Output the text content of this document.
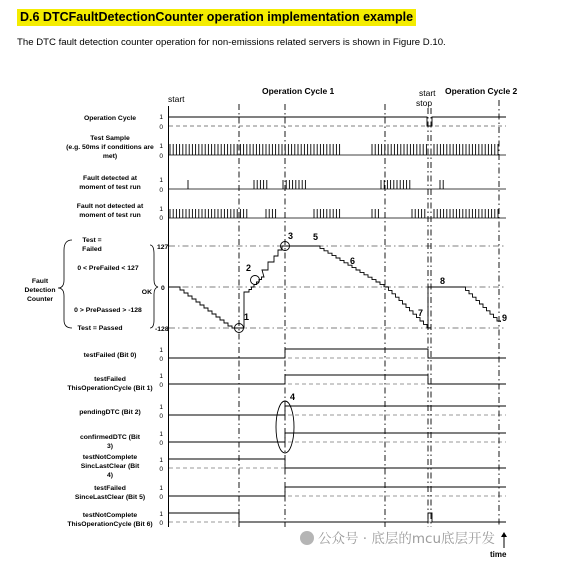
D.6 DTCFaultDetectionCounter operation implementation example

The DTC fault detection counter operation for non-emissions related servers is shown in Figure D.10.

start
Operation Cycle 1	start
stop
Operation Cycle 2
Operation Cycle	1
0
Test Sample
(e.g. 50ms if conditions are
met)
1
0
Fault detected at
moment of test run
1
0
Fault not detected at
moment of test run
1
0
Fault
Detection
Counter
Test =
Failed
0 < PreFailed < 127
0 > PrePassed > -128
Test = Passed
OK
127
0
-128
1
2
3
4
5
6
7
8
9
testFailed (Bit 0)
testFailed
ThisOperationCycle (Bit 1)
pendingDTC (Bit 2)
confirmedDTC (Bit
3)
testNotComplete
SincLastClear (Bit
4)
testFailed
SinceLastClear (Bit 5)
testNotComplete
ThisOperationCycle (Bit 6)
1
0
1
0
1
0
1
0
1
0
1
0
1
0
time
公众号 · 底层的mcu底层开发
